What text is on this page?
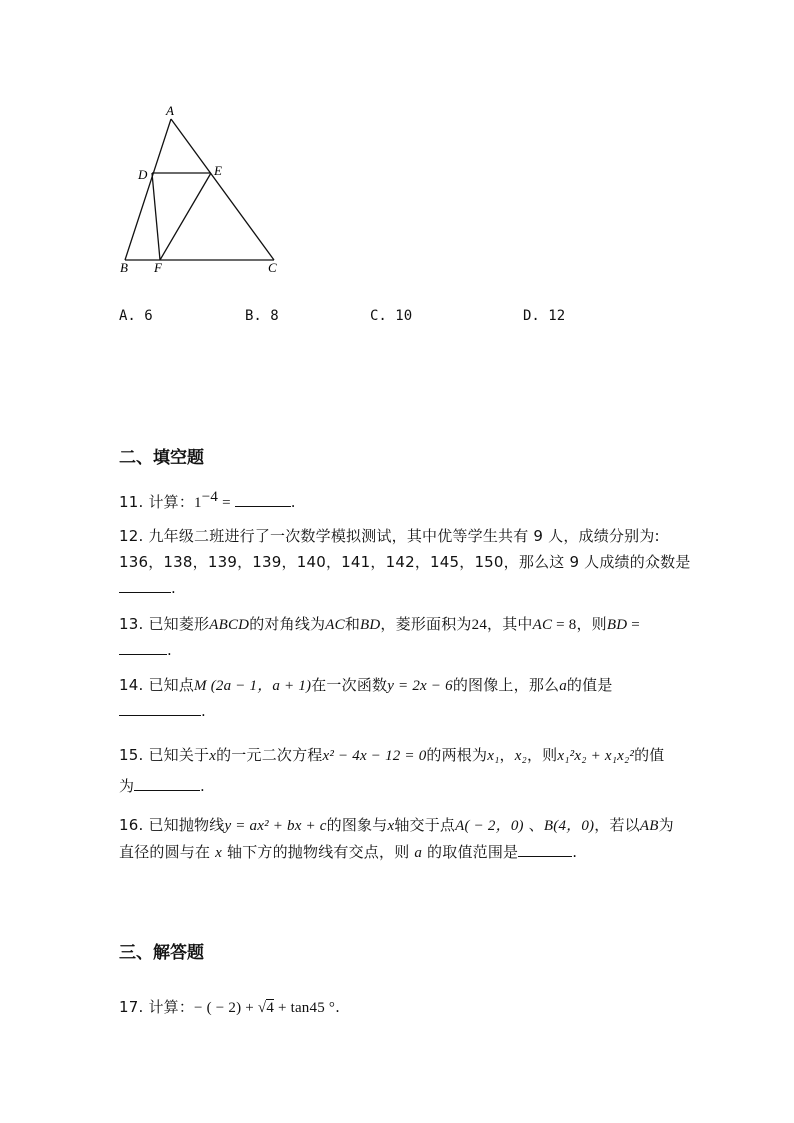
A
D	E
B F	C
A. 6	B. 8	C. 10	D. 12
二、填空题
11. 计算：$1^{-4}$ =	.
12. 九年级二班进行了一次数学模拟测试，其中优等学生共有 9 人，成绩分别为:
136，138，139，139，140，141，142，145，150，那么这 9 人成绩的众数是
.
13. 已知菱形ABCD的对角线为AC和BD，菱形面积为24，其中AC = 8，则BD =
.
14. 已知点M (2a − 1，a + 1)在一次函数y = 2x − 6的图像上，那么a的值是
.
15. 已知关于x的一元二次方程x² − 4x − 12 = 0的两根为x₁，x₂，则x₁²x₂ + x₁x₂²的值
为	.
16. 已知抛物线y = ax² + bx + c的图象与x轴交于点A( − 2，0) 、B(4，0)，若以AB为
直径的圆与在 x 轴下方的抛物线有交点，则 a 的取值范围是	.
三、解答题
17. 计算：− ( − 2) + √4 + tan45 °.
